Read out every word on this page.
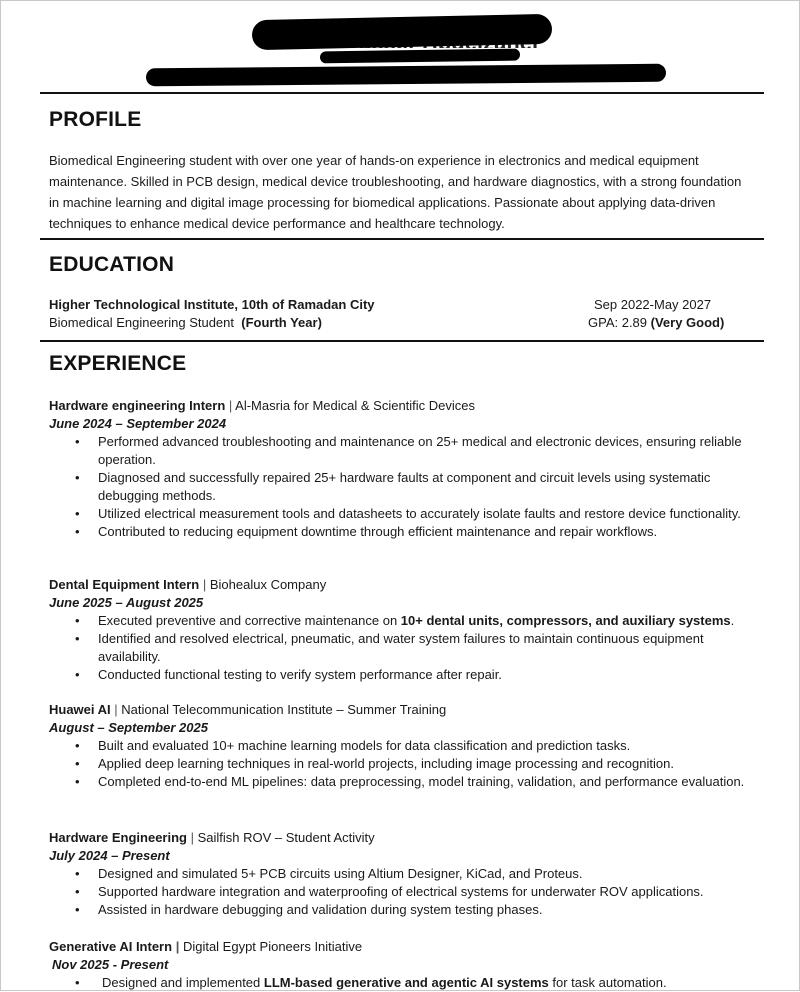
PROFILE
Biomedical Engineering student with over one year of hands-on experience in electronics and medical equipment maintenance. Skilled in PCB design, medical device troubleshooting, and hardware diagnostics, with a strong foundation in machine learning and digital image processing for biomedical applications. Passionate about applying data-driven techniques to enhance medical device performance and healthcare technology.
EDUCATION
Higher Technological Institute, 10th of Ramadan City
Biomedical Engineering Student (Fourth Year)
Sep 2022-May 2027
GPA: 2.89 (Very Good)
EXPERIENCE
Hardware engineering Intern | Al-Masria for Medical & Scientific Devices
June 2024 – September 2024
• Performed advanced troubleshooting and maintenance on 25+ medical and electronic devices, ensuring reliable operation.
• Diagnosed and successfully repaired 25+ hardware faults at component and circuit levels using systematic debugging methods.
• Utilized electrical measurement tools and datasheets to accurately isolate faults and restore device functionality.
• Contributed to reducing equipment downtime through efficient maintenance and repair workflows.
Dental Equipment Intern | Biohealux Company
June 2025 – August 2025
• Executed preventive and corrective maintenance on 10+ dental units, compressors, and auxiliary systems.
• Identified and resolved electrical, pneumatic, and water system failures to maintain continuous equipment availability.
• Conducted functional testing to verify system performance after repair.
Huawei AI | National Telecommunication Institute – Summer Training
August – September 2025
• Built and evaluated 10+ machine learning models for data classification and prediction tasks.
• Applied deep learning techniques in real-world projects, including image processing and recognition.
• Completed end-to-end ML pipelines: data preprocessing, model training, validation, and performance evaluation.
Hardware Engineering | Sailfish ROV – Student Activity
July 2024 – Present
• Designed and simulated 5+ PCB circuits using Altium Designer, KiCad, and Proteus.
• Supported hardware integration and waterproofing of electrical systems for underwater ROV applications.
• Assisted in hardware debugging and validation during system testing phases.
Generative AI Intern | Digital Egypt Pioneers Initiative
Nov 2025 - Present
• Designed and implemented LLM-based generative and agentic AI systems for task automation.
